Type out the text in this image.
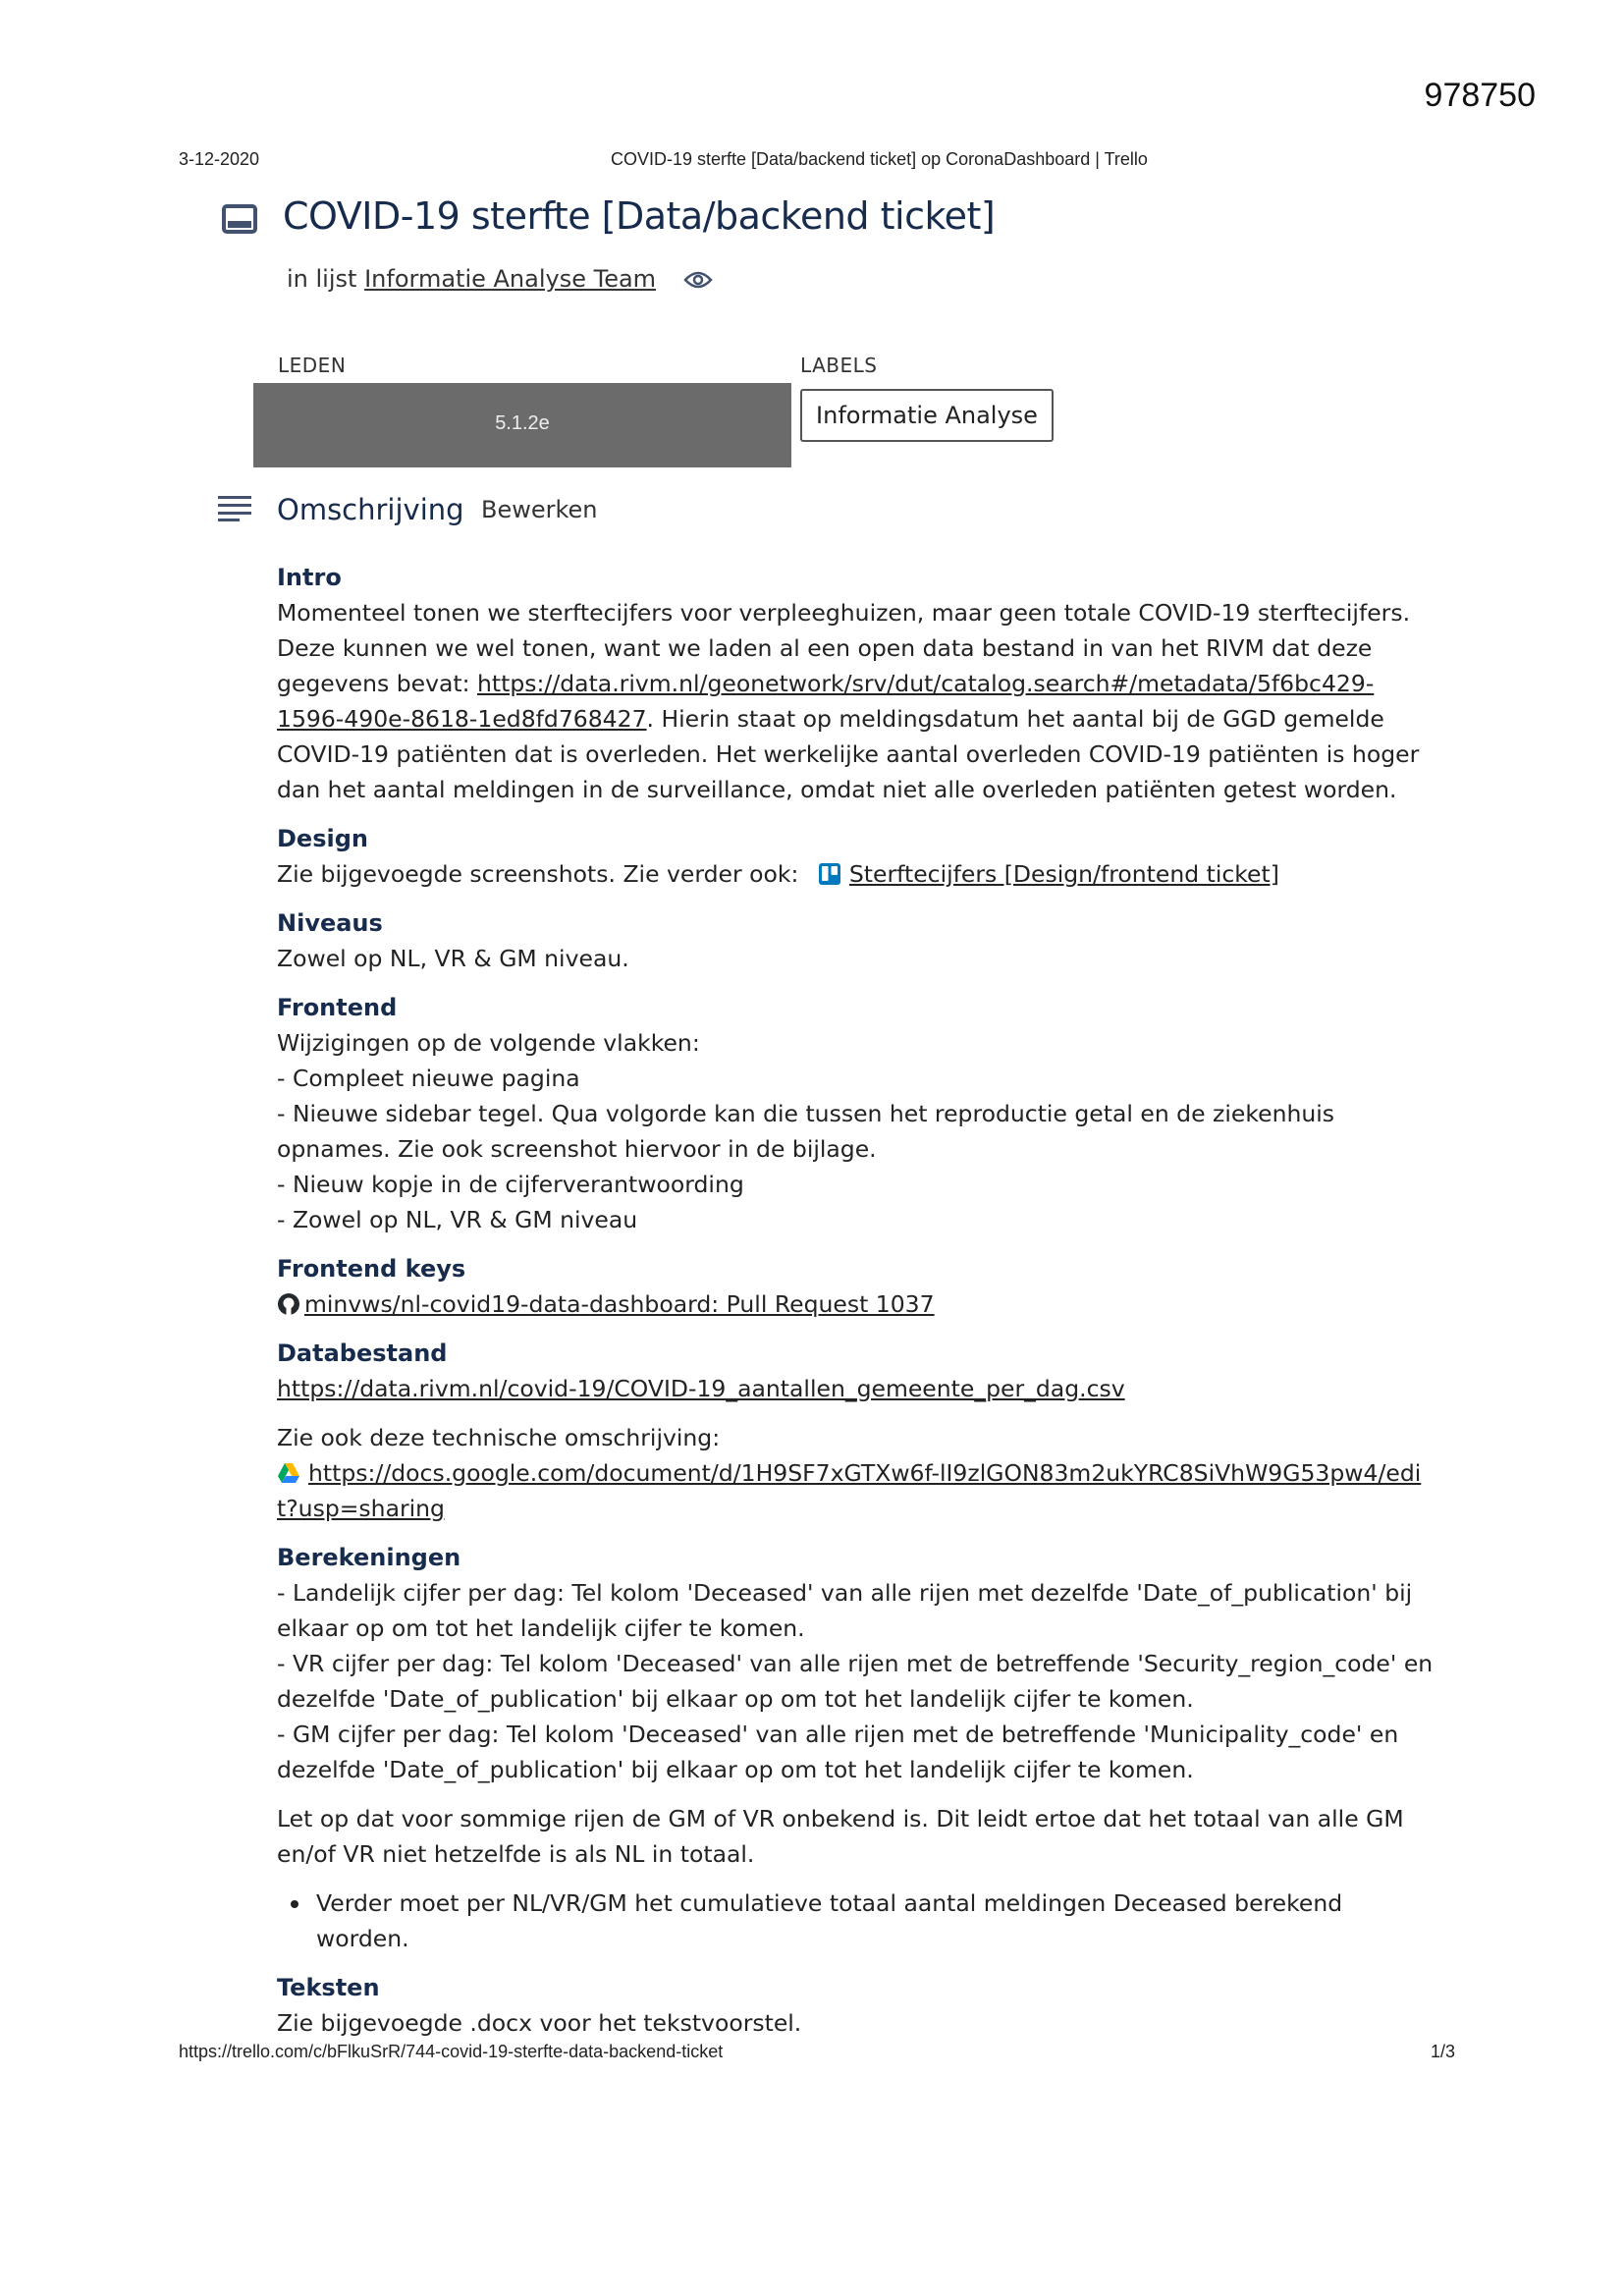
978750
3-12-2020	COVID-19 sterfte [Data/backend ticket] op CoronaDashboard | Trello
COVID-19 sterfte [Data/backend ticket]
in lijst Informatie Analyse Team
LEDEN
5.1.2e
LABELS
Informatie Analyse
Omschrijving Bewerken
Intro

Momenteel tonen we sterftecijfers voor verpleeghuizen, maar geen totale COVID-19 sterftecijfers. Deze kunnen we wel tonen, want we laden al een open data bestand in van het RIVM dat deze gegevens bevat: https://data.rivm.nl/geonetwork/srv/dut/catalog.search#/metadata/5f6bc429-1596-490e-8618-1ed8fd768427. Hierin staat op meldingsdatum het aantal bij de GGD gemelde COVID-19 patiënten dat is overleden. Het werkelijke aantal overleden COVID-19 patiënten is hoger dan het aantal meldingen in de surveillance, omdat niet alle overleden patiënten getest worden.

Design

Zie bijgevoegde screenshots. Zie verder ook: Sterftecijfers [Design/frontend ticket]

Niveaus

Zowel op NL, VR & GM niveau.

Frontend

Wijzigingen op de volgende vlakken:

- Compleet nieuwe pagina

- Nieuwe sidebar tegel. Qua volgorde kan die tussen het reproductie getal en de ziekenhuis opnames. Zie ook screenshot hiervoor in de bijlage.

- Nieuw kopje in de cijferverantwoording

- Zowel op NL, VR & GM niveau

Frontend keys

minvws/nl-covid19-data-dashboard: Pull Request 1037

Databestand

https://data.rivm.nl/covid-19/COVID-19_aantallen_gemeente_per_dag.csv

Zie ook deze technische omschrijving:

https://docs.google.com/document/d/1H9SF7xGTXw6f-lI9zlGON83m2ukYRC8SiVhW9G53pw4/edit?usp=sharing

Berekeningen

- Landelijk cijfer per dag: Tel kolom 'Deceased' van alle rijen met dezelfde 'Date_of_publication' bij elkaar op om tot het landelijk cijfer te komen.

- VR cijfer per dag: Tel kolom 'Deceased' van alle rijen met de betreffende 'Security_region_code' en dezelfde 'Date_of_publication' bij elkaar op om tot het landelijk cijfer te komen.

- GM cijfer per dag: Tel kolom 'Deceased' van alle rijen met de betreffende 'Municipality_code' en dezelfde 'Date_of_publication' bij elkaar op om tot het landelijk cijfer te komen.

Let op dat voor sommige rijen de GM of VR onbekend is. Dit leidt ertoe dat het totaal van alle GM en/of VR niet hetzelfde is als NL in totaal.

Verder moet per NL/VR/GM het cumulatieve totaal aantal meldingen Deceased berekend worden.

Teksten

Zie bijgevoegde .docx voor het tekstvoorstel.

https://trello.com/c/bFlkuSrR/744-covid-19-sterfte-data-backend-ticket	1/3
